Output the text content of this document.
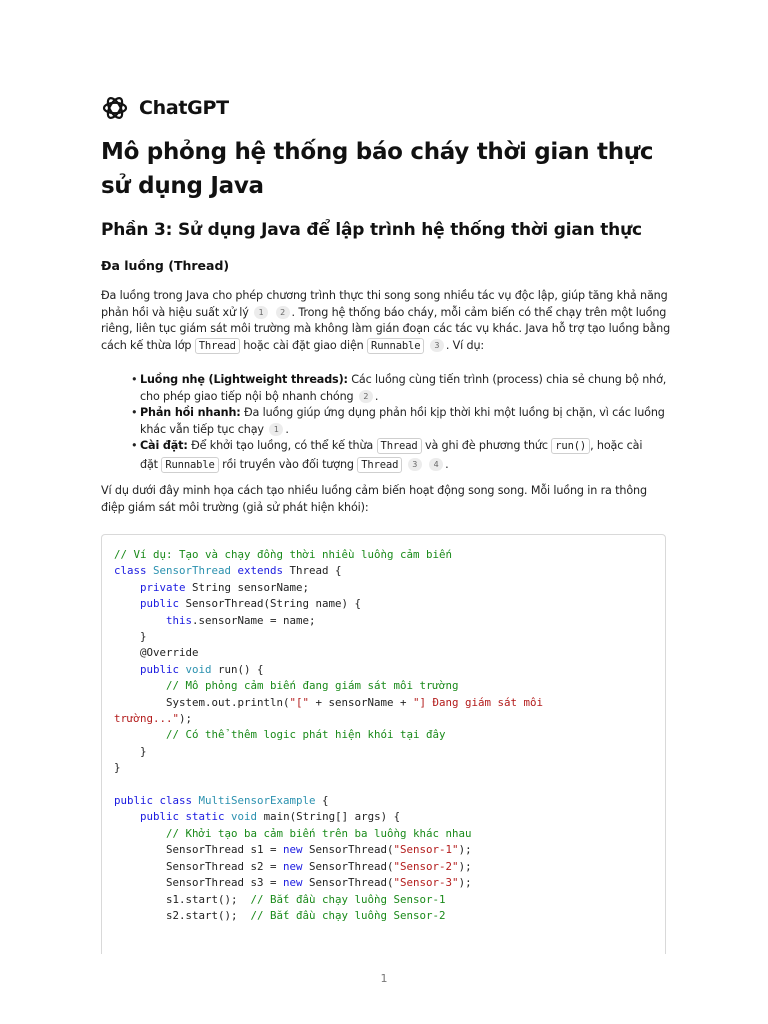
ChatGPT
Mô phỏng hệ thống báo cháy thời gian thực sử dụng Java
Phần 3: Sử dụng Java để lập trình hệ thống thời gian thực
Đa luồng (Thread)
Đa luồng trong Java cho phép chương trình thực thi song song nhiều tác vụ độc lập, giúp tăng khả năng
phản hồi và hiệu suất xử lý 1 2 . Trong hệ thống báo cháy, mỗi cảm biến có thể chạy trên một luồng
riêng, liên tục giám sát môi trường mà không làm gián đoạn các tác vụ khác. Java hỗ trợ tạo luồng bằng
cách kế thừa lớp Thread hoặc cài đặt giao diện Runnable 3 . Ví dụ:
• Luồng nhẹ (Lightweight threads): Các luồng cùng tiến trình (process) chia sẻ chung bộ nhớ,
cho phép giao tiếp nội bộ nhanh chóng 2 .
• Phản hồi nhanh: Đa luồng giúp ứng dụng phản hồi kịp thời khi một luồng bị chặn, vì các luồng
khác vẫn tiếp tục chạy 1 .
• Cài đặt: Để khởi tạo luồng, có thể kế thừa Thread và ghi đè phương thức run() , hoặc cài
đặt Runnable rồi truyền vào đối tượng Thread 3 4 .
Ví dụ dưới đây minh họa cách tạo nhiều luồng cảm biến hoạt động song song. Mỗi luồng in ra thông
điệp giám sát môi trường (giả sử phát hiện khói):
// Ví dụ: Tạo và chạy đồng thời nhiều luồng cảm biến
class SensorThread extends Thread {
private String sensorName;
public SensorThread(String name) {
this.sensorName = name;
}
@Override
public void run() {
// Mô phỏng cảm biến đang giám sát môi trường
System.out.println("[" + sensorName + "] Đang giám sát môi
trường...");
// Có thể thêm logic phát hiện khói tại đây
}
}
public class MultiSensorExample {
public static void main(String[] args) {
// Khởi tạo ba cảm biến trên ba luồng khác nhau
SensorThread s1 = new SensorThread("Sensor-1");
SensorThread s2 = new SensorThread("Sensor-2");
SensorThread s3 = new SensorThread("Sensor-3");
s1.start();  // Bắt đầu chạy luồng Sensor-1
s2.start();  // Bắt đầu chạy luồng Sensor-2
1
